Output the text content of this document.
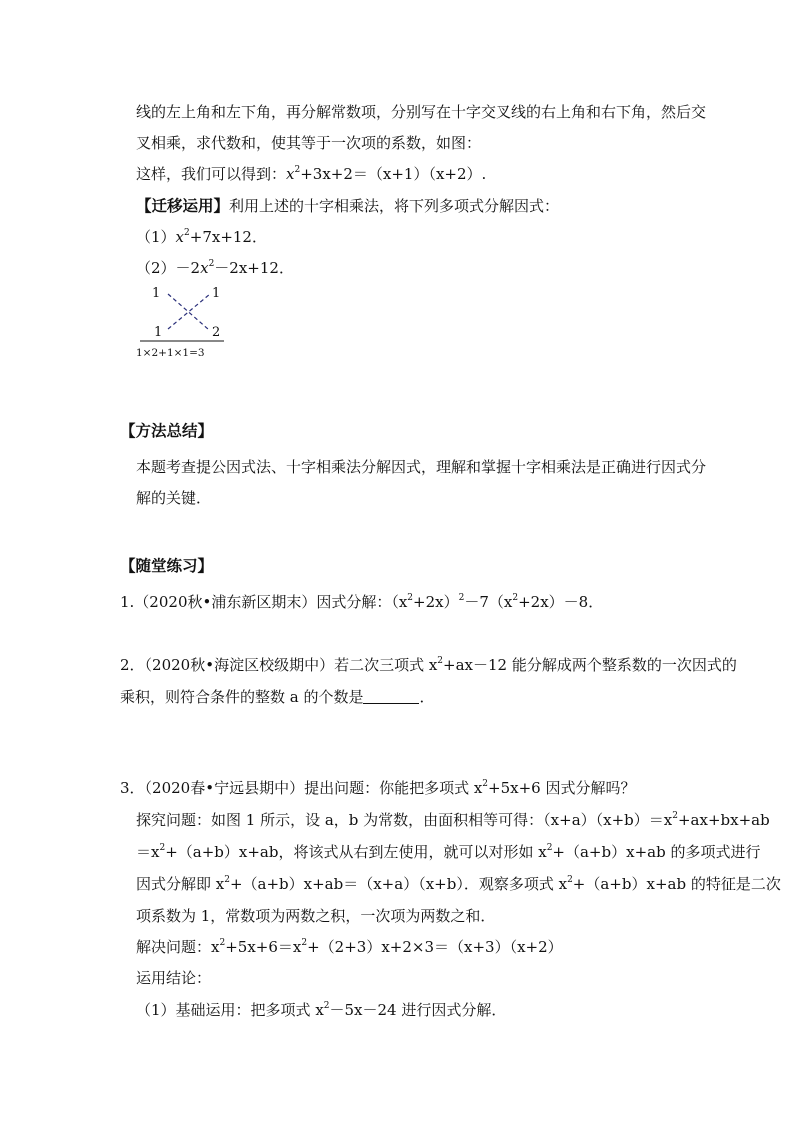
线的左上角和左下角，再分解常数项，分别写在十字交叉线的右上角和右下角，然后交
叉相乘，求代数和，使其等于一次项的系数，如图：
这样，我们可以得到：$x^2+3x+2=(x+1)(x+2)$.
【迁移运用】利用上述的十字相乘法，将下列多项式分解因式：
$(1)x^2+7x+12$．
$(2)-2x^2-2x+12$．
1	1
1	2
1×2+1×1=3
【方法总结】
本题考查提公因式法、十字相乘法分解因式，理解和掌握十字相乘法是正确进行因式分
解的关键．
【随堂练习】
1.（2020秋•浦东新区期末）因式分解：$(x^2+2x)^2-7(x^2+2x)-8$．
2．（2020秋•海淀区校级期中）若二次三项式 $x^2+ax-12$ 能分解成两个整系数的一次因式的
乘积，则符合条件的整数 a 的个数是	．
3．（2020春•宁远县期中）提出问题：你能把多项式 $x^2+5x+6$ 因式分解吗？
探究问题：如图 1 所示，设 a，b 为常数，由面积相等可得：$(x+a)(x+b)=x^2+ax+bx+ab$
$=x^2+(a+b)x+ab$，将该式从右到左使用，就可以对形如 $x^2+(a+b)x+ab$ 的多项式进行
因式分解即 $x^2+(a+b)x+ab=(x+a)(x+b)$．观察多项式 $x^2+(a+b)x+ab$ 的特征是二次
项系数为 1，常数项为两数之积，一次项为两数之和．
解决问题：$x^2+5x+6=x^2+(2+3)x+2\times 3=(x+3)(x+2)$
运用结论：
（1）基础运用：把多项式 $x^2-5x-24$ 进行因式分解．
